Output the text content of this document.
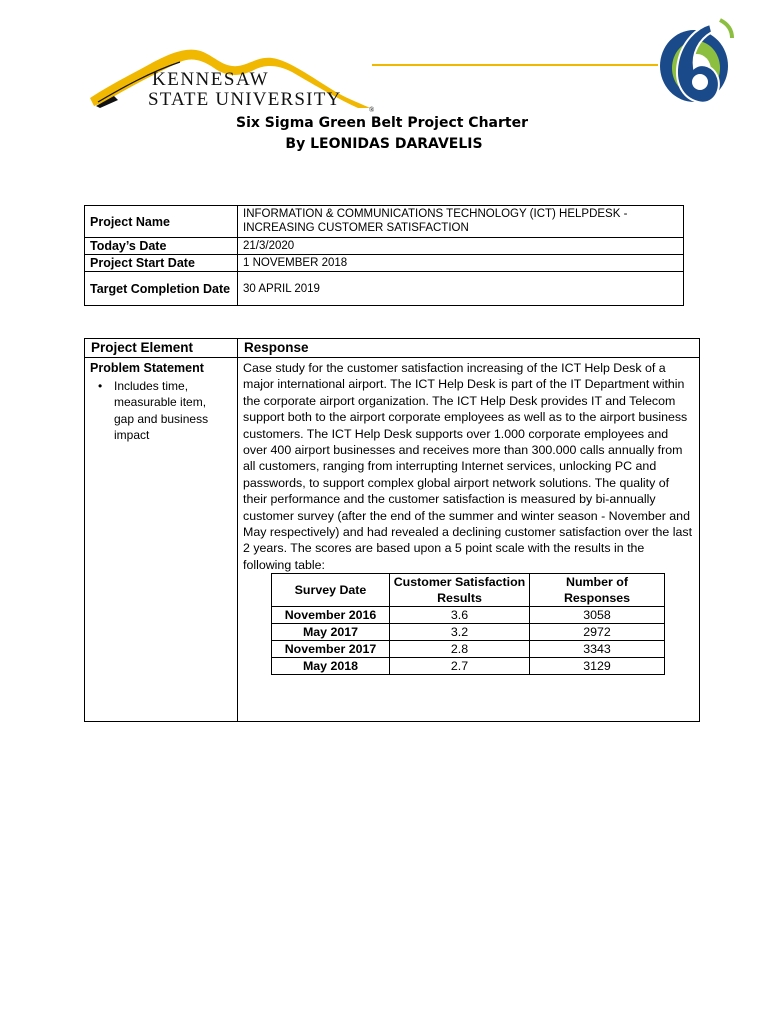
KENNESAW
STATE UNIVERSITY	®
Six Sigma Green Belt Project Charter
By LEONIDAS DARAVELIS
Project Name	INFORMATION & COMMUNICATIONS TECHNOLOGY (ICT) HELPDESK - INCREASING CUSTOMER SATISFACTION
Today’s Date	21/3/2020
Project Start Date	1 NOVEMBER 2018
Target Completion Date	30 APRIL 2019
Project Element	Response

Problem Statement
• Includes time, measurable item, gap and business impact

Case study for the customer satisfaction increasing of the ICT Help Desk of a major international airport. The ICT Help Desk is part of the IT Department within the corporate airport organization. The ICT Help Desk provides IT and Telecom support both to the airport corporate employees as well as to the airport business customers. The ICT Help Desk supports over 1.000 corporate employees and over 400 airport businesses and receives more than 300.000 calls annually from all customers, ranging from interrupting Internet services, unlocking PC and passwords, to support complex global airport network solutions. The quality of their performance and the customer satisfaction is measured by bi-annually customer survey (after the end of the summer and winter season - November and May respectively) and had revealed a declining customer satisfaction over the last 2 years. The scores are based upon a 5 point scale with the results in the following table:
Survey Date	Customer Satisfaction Results	Number of Responses
November 2016	3.6	3058
May 2017	3.2	2972
November 2017	2.8	3343
May 2018	2.7	3129
